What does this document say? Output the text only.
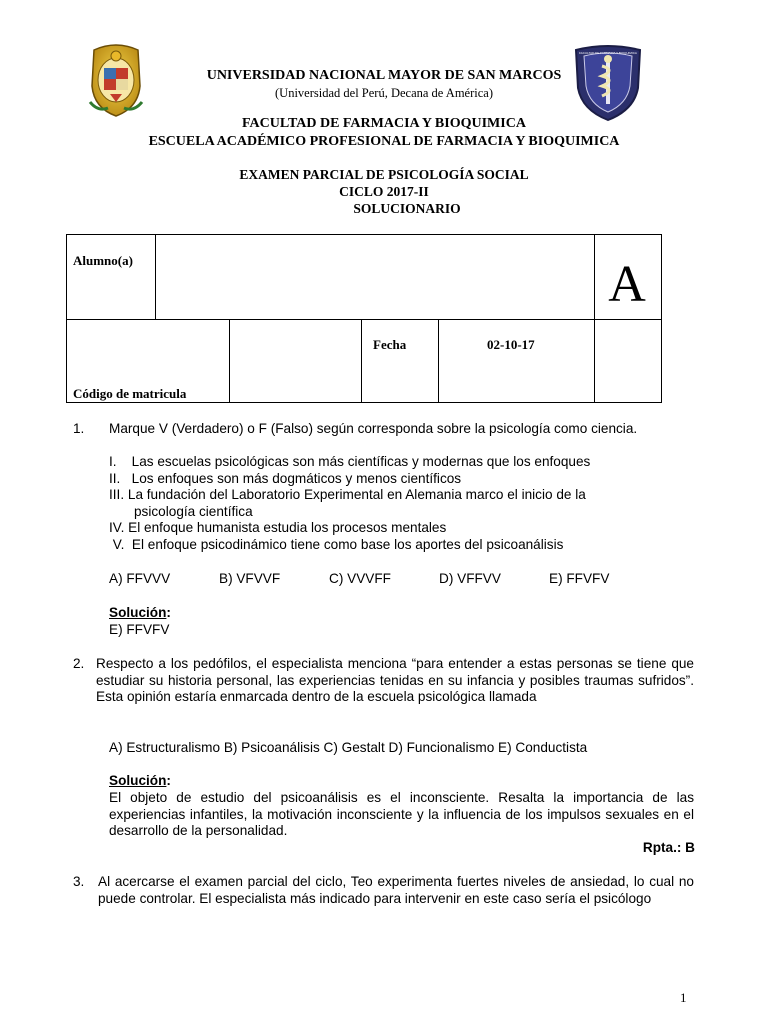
FACULTAD DE FARMACIA Y BIOQUIMICA
UNIVERSIDAD NACIONAL MAYOR DE SAN MARCOS
(Universidad del Perú, Decana de América)
FACULTAD DE FARMACIA Y BIOQUIMICA
ESCUELA ACADÉMICO PROFESIONAL DE FARMACIA Y BIOQUIMICA
EXAMEN PARCIAL DE PSICOLOGÍA SOCIAL
CICLO 2017-II
SOLUCIONARIO
Alumno(a)	A
Fecha	02-10-17
Código de matricula
1. Marque V (Verdadero) o F (Falso) según corresponda sobre la psicología como ciencia.
I.    Las escuelas psicológicas son más científicas y modernas que los enfoques
II.   Los enfoques son más dogmáticos y menos científicos
III. La fundación del Laboratorio Experimental en Alemania marco el inicio de la
psicología científica
IV. El enfoque humanista estudia los procesos mentales
V.  El enfoque psicodinámico tiene como base los aportes del psicoanálisis
A) FFVVV	B) VFVVF	C) VVVFF	D) VFFVV	E) FFVFV
Solución:
E) FFVFV
2. Respecto a los pedófilos, el especialista menciona “para entender a estas personas se tiene que estudiar su historia personal, las experiencias tenidas en su infancia y posibles traumas sufridos”. Esta opinión estaría enmarcada dentro de la escuela psicológica llamada
A) Estructuralismo B) Psicoanálisis C) Gestalt D) Funcionalismo E) Conductista
Solución:
El objeto de estudio del psicoanálisis es el inconsciente. Resalta la importancia de las experiencias infantiles, la motivación inconsciente y la influencia de los impulsos sexuales en el desarrollo de la personalidad.
Rpta.: B
3. Al acercarse el examen parcial del ciclo, Teo experimenta fuertes niveles de ansiedad, lo cual no puede controlar. El especialista más indicado para intervenir en este caso sería el psicólogo
1
